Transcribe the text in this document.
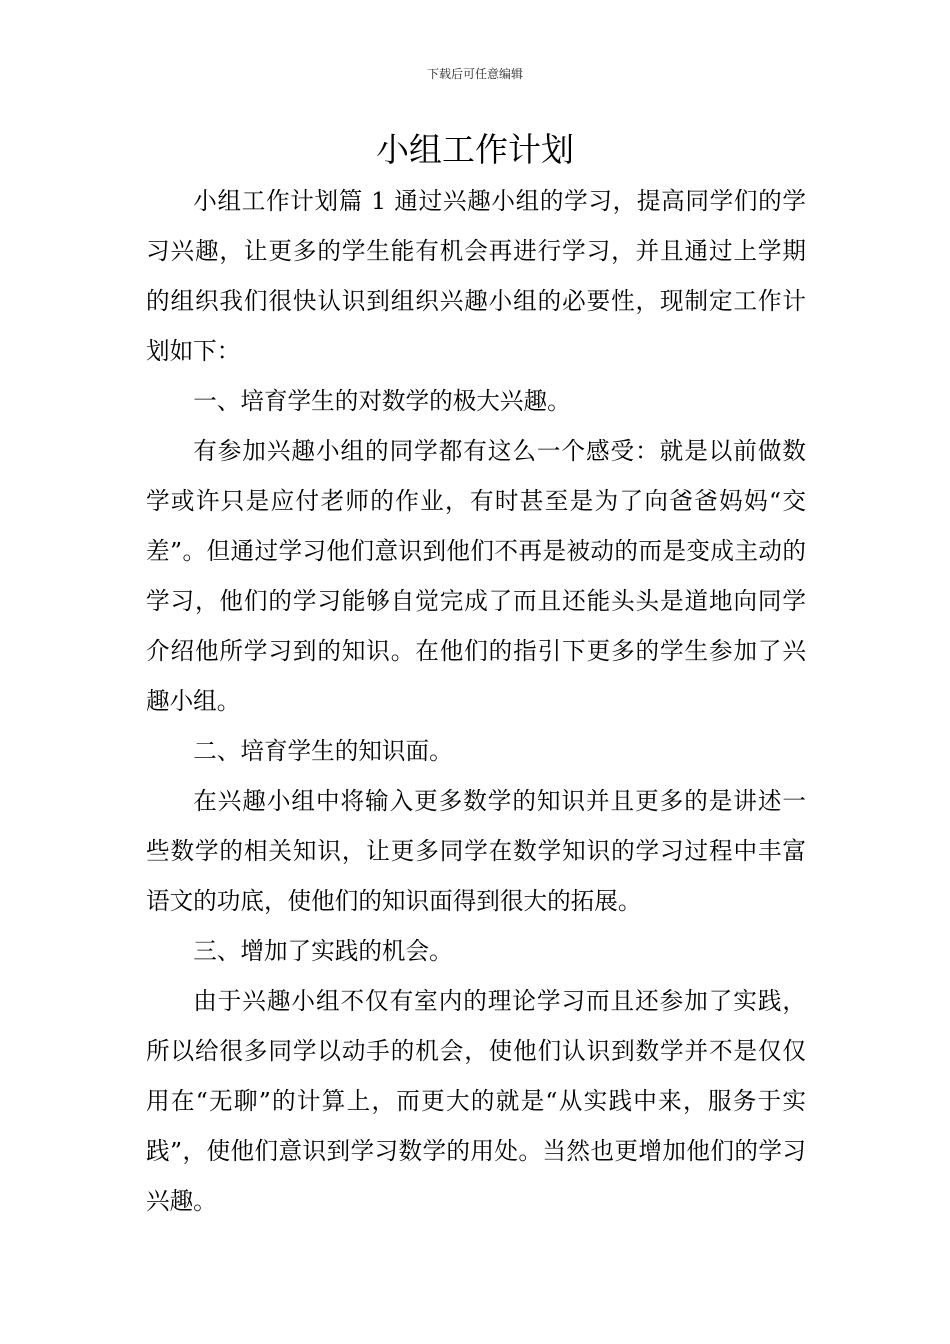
下载后可任意编辑
小组工作计划

小组工作计划篇 1 通过兴趣小组的学习，提高同学们的学习兴趣，让更多的学生能有机会再进行学习，并且通过上学期的组织我们很快认识到组织兴趣小组的必要性，现制定工作计划如下：

一、培育学生的对数学的极大兴趣。

有参加兴趣小组的同学都有这么一个感受：就是以前做数学或许只是应付老师的作业，有时甚至是为了向爸爸妈妈“交差”。但通过学习他们意识到他们不再是被动的而是变成主动的学习，他们的学习能够自觉完成了而且还能头头是道地向同学介绍他所学习到的知识。在他们的指引下更多的学生参加了兴趣小组。

二、培育学生的知识面。

在兴趣小组中将输入更多数学的知识并且更多的是讲述一些数学的相关知识，让更多同学在数学知识的学习过程中丰富语文的功底，使他们的知识面得到很大的拓展。

三、增加了实践的机会。

由于兴趣小组不仅有室内的理论学习而且还参加了实践，所以给很多同学以动手的机会，使他们认识到数学并不是仅仅用在“无聊”的计算上，而更大的就是“从实践中来，服务于实践”，使他们意识到学习数学的用处。当然也更增加他们的学习兴趣。
